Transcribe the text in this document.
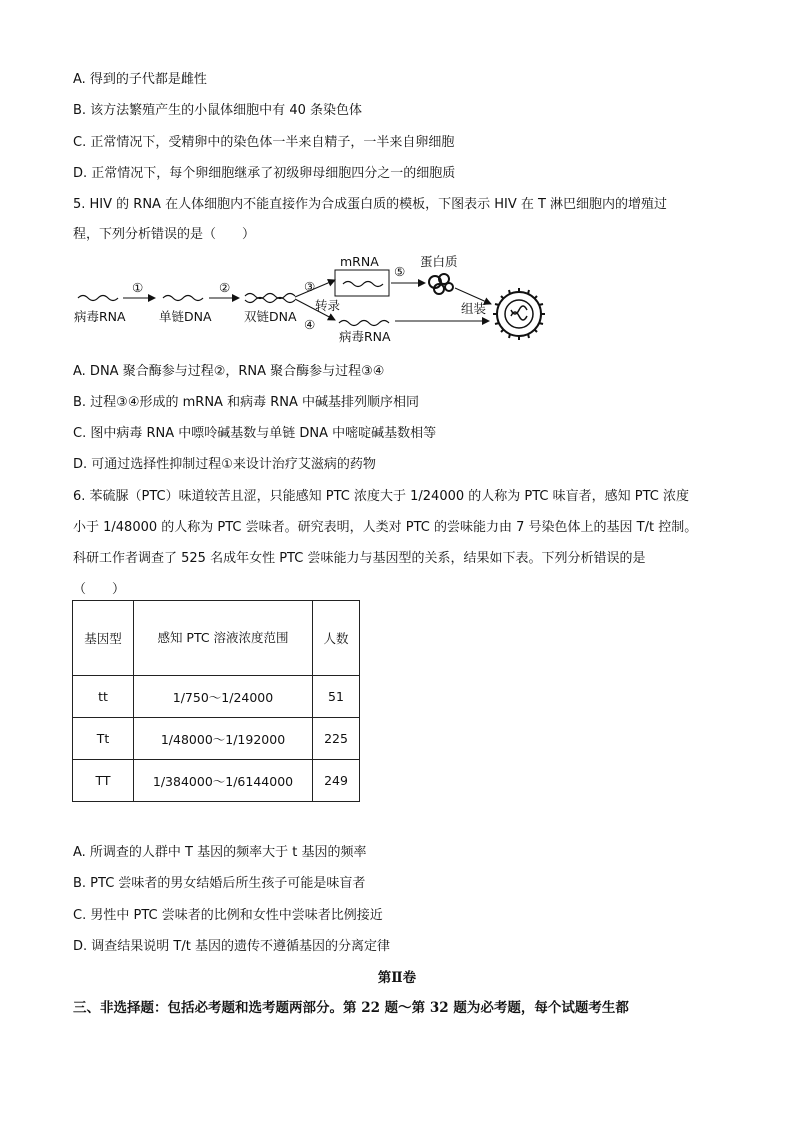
A. 得到的子代都是雌性
B. 该方法繁殖产生的小鼠体细胞中有 40 条染色体
C. 正常情况下，受精卵中的染色体一半来自精子，一半来自卵细胞
D. 正常情况下，每个卵细胞继承了初级卵母细胞四分之一的细胞质
5. HIV 的 RNA 在人体细胞内不能直接作为合成蛋白质的模板，下图表示 HIV 在 T 淋巴细胞内的增殖过
程，下列分析错误的是（　　）
病毒RNA
①
单链DNA
②
双链DNA
③
转录
④
mRNA
病毒RNA
⑤
蛋白质
组装
A. DNA 聚合酶参与过程②，RNA 聚合酶参与过程③④
B. 过程③④形成的 mRNA 和病毒 RNA 中碱基排列顺序相同
C. 图中病毒 RNA 中嘌呤碱基数与单链 DNA 中嘧啶碱基数相等
D. 可通过选择性抑制过程①来设计治疗艾滋病的药物
6. 苯硫脲（PTC）味道较苦且涩，只能感知 PTC 浓度大于 1/24000 的人称为 PTC 味盲者，感知 PTC 浓度
小于 1/48000 的人称为 PTC 尝味者。研究表明，人类对 PTC 的尝味能力由 7 号染色体上的基因 T/t 控制。
科研工作者调查了 525 名成年女性 PTC 尝味能力与基因型的关系，结果如下表。下列分析错误的是
（　　）
基因型	感知 PTC 溶液浓度范围	人数
tt	1/750～1/24000	51
Tt	1/48000～1/192000	225
TT	1/384000～1/6144000	249
A. 所调查的人群中 T 基因的频率大于 t 基因的频率
B. PTC 尝味者的男女结婚后所生孩子可能是味盲者
C. 男性中 PTC 尝味者的比例和女性中尝味者比例接近
D. 调查结果说明 T/t 基因的遗传不遵循基因的分离定律
第Ⅱ卷
三、非选择题：包括必考题和选考题两部分。第 22 题～第 32 题为必考题，每个试题考生都
